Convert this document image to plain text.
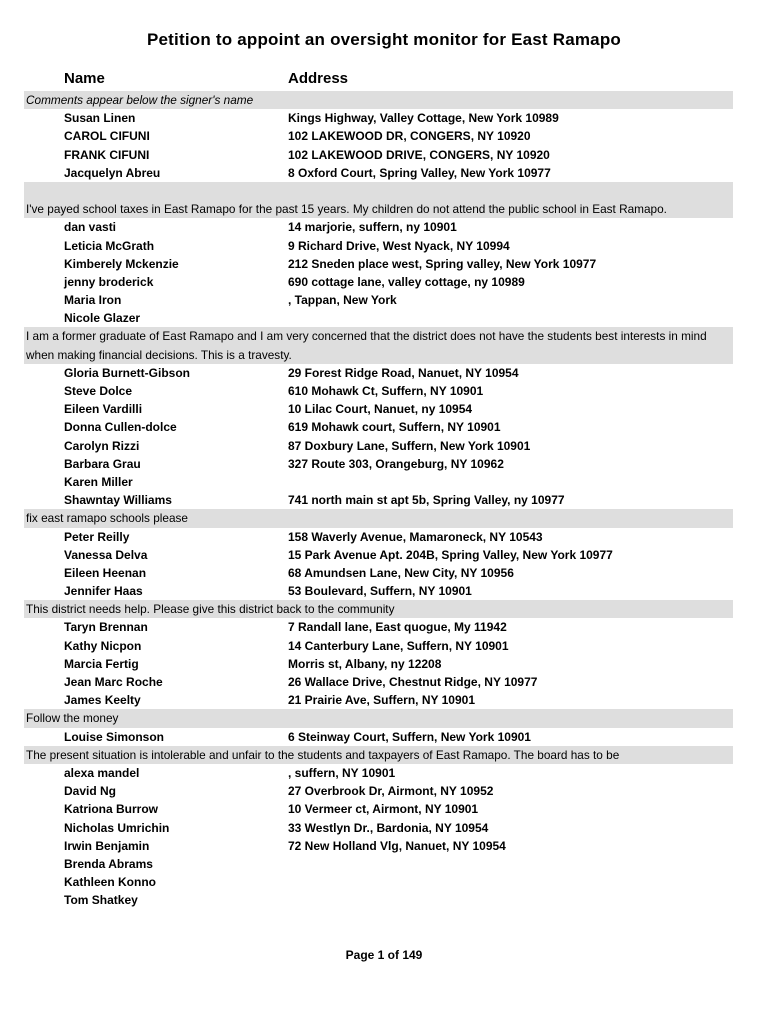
Petition to appoint an oversight monitor for East Ramapo
Name	Address
Comments appear below the signer's name
Susan Linen	Kings Highway, Valley Cottage, New York 10989
CAROL CIFUNI	102 LAKEWOOD DR, CONGERS, NY 10920
FRANK CIFUNI	102 LAKEWOOD DRIVE, CONGERS, NY 10920
Jacquelyn Abreu	8 Oxford Court, Spring Valley, New York 10977
I've payed school taxes in East Ramapo for the past 15 years. My children do not attend the public school in East Ramapo.
dan vasti	14 marjorie, suffern, ny 10901
Leticia McGrath	9 Richard Drive, West Nyack, NY 10994
Kimberely Mckenzie	212 Sneden place west, Spring valley, New York 10977
jenny broderick	690 cottage lane, valley cottage, ny 10989
Maria Iron	, Tappan, New York
Nicole Glazer
I am a former graduate of East Ramapo and I am very concerned that the district does not have the students best interests in mind when making financial decisions. This is a travesty.
Gloria Burnett-Gibson	29 Forest Ridge Road, Nanuet, NY 10954
Steve Dolce	610 Mohawk Ct, Suffern, NY 10901
Eileen Vardilli	10 Lilac Court, Nanuet, ny 10954
Donna Cullen-dolce	619 Mohawk court, Suffern, NY 10901
Carolyn Rizzi	87 Doxbury Lane, Suffern, New York 10901
Barbara Grau	327 Route 303, Orangeburg, NY 10962
Karen Miller
Shawntay Williams	741 north main st apt 5b, Spring Valley, ny 10977
fix east ramapo schools please
Peter Reilly	158 Waverly Avenue, Mamaroneck, NY 10543
Vanessa Delva	15 Park Avenue Apt. 204B, Spring Valley, New York 10977
Eileen Heenan	68 Amundsen Lane, New City, NY 10956
Jennifer Haas	53 Boulevard, Suffern, NY 10901
This district needs help. Please give this district back to the community
Taryn Brennan	7 Randall lane, East quogue, My 11942
Kathy Nicpon	14 Canterbury Lane, Suffern, NY 10901
Marcia Fertig	Morris st, Albany, ny 12208
Jean Marc Roche	26 Wallace Drive, Chestnut Ridge, NY 10977
James Keelty	21 Prairie Ave, Suffern, NY 10901
Follow the money
Louise Simonson	6 Steinway Court, Suffern, New York 10901
The present situation is intolerable and unfair to the students and taxpayers of East Ramapo. The board has to be
alexa mandel	, suffern, NY 10901
David Ng	27 Overbrook Dr, Airmont, NY 10952
Katriona Burrow	10 Vermeer ct, Airmont, NY 10901
Nicholas Umrichin	33 Westlyn Dr., Bardonia, NY 10954
Irwin Benjamin	72 New Holland Vlg, Nanuet, NY 10954
Brenda Abrams
Kathleen Konno
Tom Shatkey
Page 1 of 149
